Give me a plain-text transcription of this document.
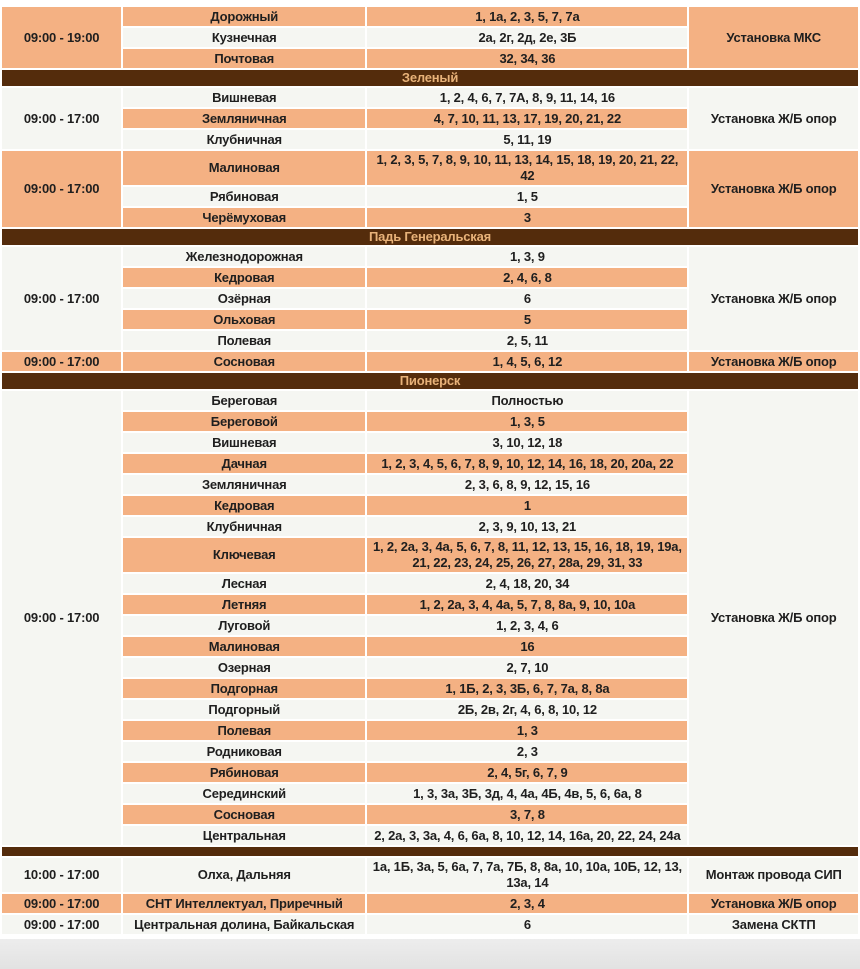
09:00 - 19:00	Дорожный	1, 1а, 2, 3, 5, 7, 7а	Установка МКС
	Кузнечная	2а, 2г, 2д, 2е, 3Б	
	Почтовая	32, 34, 36	
Зеленый			
09:00 - 17:00	Вишневая	1, 2, 4, 6, 7, 7А, 8, 9, 11, 14, 16	Установка Ж/Б опор
	Земляничная	4, 7, 10, 11, 13, 17, 19, 20, 21, 22	
	Клубничная	5, 11, 19	
09:00 - 17:00	Малиновая	1, 2, 3, 5, 7, 8, 9, 10, 11, 13, 14, 15, 18, 19, 20, 21, 22, 42	Установка Ж/Б опор
	Рябиновая	1, 5	
	Черёмуховая	3	
Падь Генеральская			
09:00 - 17:00	Железнодорожная	1, 3, 9	Установка Ж/Б опор
	Кедровая	2, 4, 6, 8	
	Озёрная	6	
	Ольховая	5	
	Полевая	2, 5, 11	
09:00 - 17:00	Сосновая	1, 4, 5, 6, 12	Установка Ж/Б опор
Пионерск			
09:00 - 17:00	Береговая	Полностью	Установка Ж/Б опор
	Береговой	1, 3, 5	
	Вишневая	3, 10, 12, 18	
	Дачная	1, 2, 3, 4, 5, 6, 7, 8, 9, 10, 12, 14, 16, 18, 20, 20а, 22	
	Земляничная	2, 3, 6, 8, 9, 12, 15, 16	
	Кедровая	1	
	Клубничная	2, 3, 9, 10, 13, 21	
	Ключевая	1, 2, 2а, 3, 4а, 5, 6, 7, 8, 11, 12, 13, 15, 16, 18, 19, 19а, 21, 22, 23, 24, 25, 26, 27, 28а, 29, 31, 33	
	Лесная	2, 4, 18, 20, 34	
	Летняя	1, 2, 2а, 3, 4, 4а, 5, 7, 8, 8а, 9, 10, 10а	
	Луговой	1, 2, 3, 4, 6	
	Малиновая	16	
	Озерная	2, 7, 10	
	Подгорная	1, 1Б, 2, 3, 3Б, 6, 7, 7а, 8, 8а	
	Подгорный	2Б, 2в, 2г, 4, 6, 8, 10, 12	
	Полевая	1, 3	
	Родниковая	2, 3	
	Рябиновая	2, 4, 5г, 6, 7, 9	
	Серединский	1, 3, 3а, 3Б, 3д, 4, 4а, 4Б, 4в, 5, 6, 6а, 8	
	Сосновая	3, 7, 8	
	Центральная	2, 2а, 3, 3а, 4, 6, 6а, 8, 10, 12, 14, 16а, 20, 22, 24, 24а	

10:00 - 17:00	Олха, Дальняя	1а, 1Б, 3а, 5, 6а, 7, 7а, 7Б, 8, 8а, 10, 10а, 10Б, 12, 13, 13а, 14	Монтаж провода СИП
09:00 - 17:00	СНТ Интеллектуал, Приречный	2, 3, 4	Установка Ж/Б опор
09:00 - 17:00	Центральная долина, Байкальская	6	Замена СКТП
